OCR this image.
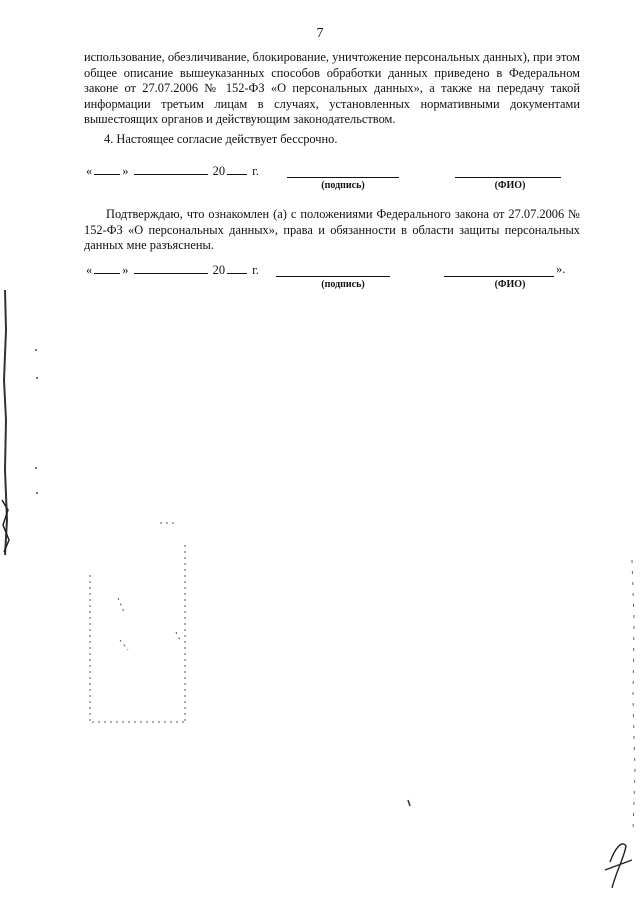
7
использование, обезличивание, блокирование, уничтожение персональных данных), при этом общее описание вышеуказанных способов обработки данных приведено в Федеральном законе от 27.07.2006 № 152-ФЗ «О персональных данных», а также на передачу такой информации третьим лицам в случаях, установленных нормативными документами вышестоящих органов и действующим законодательством.
4. Настоящее согласие действует бессрочно.
« »	20 г.
(подпись)	(ФИО)
Подтверждаю, что ознакомлен (а) с положениями Федерального закона от 27.07.2006 № 152-ФЗ «О персональных данных», права и обязанности в области защиты персональных данных мне разъяснены.
« »	20 г.	».
(подпись)	(ФИО)
